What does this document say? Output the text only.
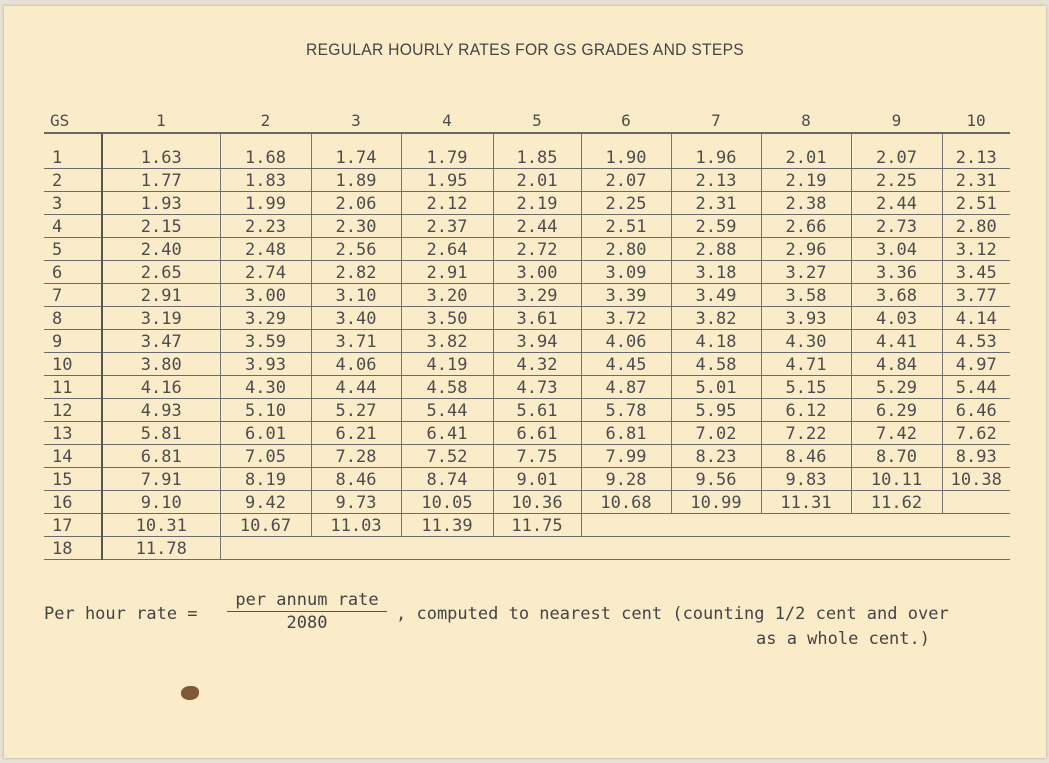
REGULAR HOURLY RATES FOR GS GRADES AND STEPS
GS	1	2	3	4	5	6	7	8	9	10
1	1.63	1.68	1.74	1.79	1.85	1.90	1.96	2.01	2.07	2.13
2	1.77	1.83	1.89	1.95	2.01	2.07	2.13	2.19	2.25	2.31
3	1.93	1.99	2.06	2.12	2.19	2.25	2.31	2.38	2.44	2.51
4	2.15	2.23	2.30	2.37	2.44	2.51	2.59	2.66	2.73	2.80
5	2.40	2.48	2.56	2.64	2.72	2.80	2.88	2.96	3.04	3.12
6	2.65	2.74	2.82	2.91	3.00	3.09	3.18	3.27	3.36	3.45
7	2.91	3.00	3.10	3.20	3.29	3.39	3.49	3.58	3.68	3.77
8	3.19	3.29	3.40	3.50	3.61	3.72	3.82	3.93	4.03	4.14
9	3.47	3.59	3.71	3.82	3.94	4.06	4.18	4.30	4.41	4.53
10	3.80	3.93	4.06	4.19	4.32	4.45	4.58	4.71	4.84	4.97
11	4.16	4.30	4.44	4.58	4.73	4.87	5.01	5.15	5.29	5.44
12	4.93	5.10	5.27	5.44	5.61	5.78	5.95	6.12	6.29	6.46
13	5.81	6.01	6.21	6.41	6.61	6.81	7.02	7.22	7.42	7.62
14	6.81	7.05	7.28	7.52	7.75	7.99	8.23	8.46	8.70	8.93
15	7.91	8.19	8.46	8.74	9.01	9.28	9.56	9.83	10.11	10.38
16	9.10	9.42	9.73	10.05	10.36	10.68	10.99	11.31	11.62	
17	10.31	10.67	11.03	11.39	11.75					
18	11.78									
Per hour rate =
per annum rate
2080	, computed to nearest cent (counting 1/2 cent and over
as a whole cent.)
